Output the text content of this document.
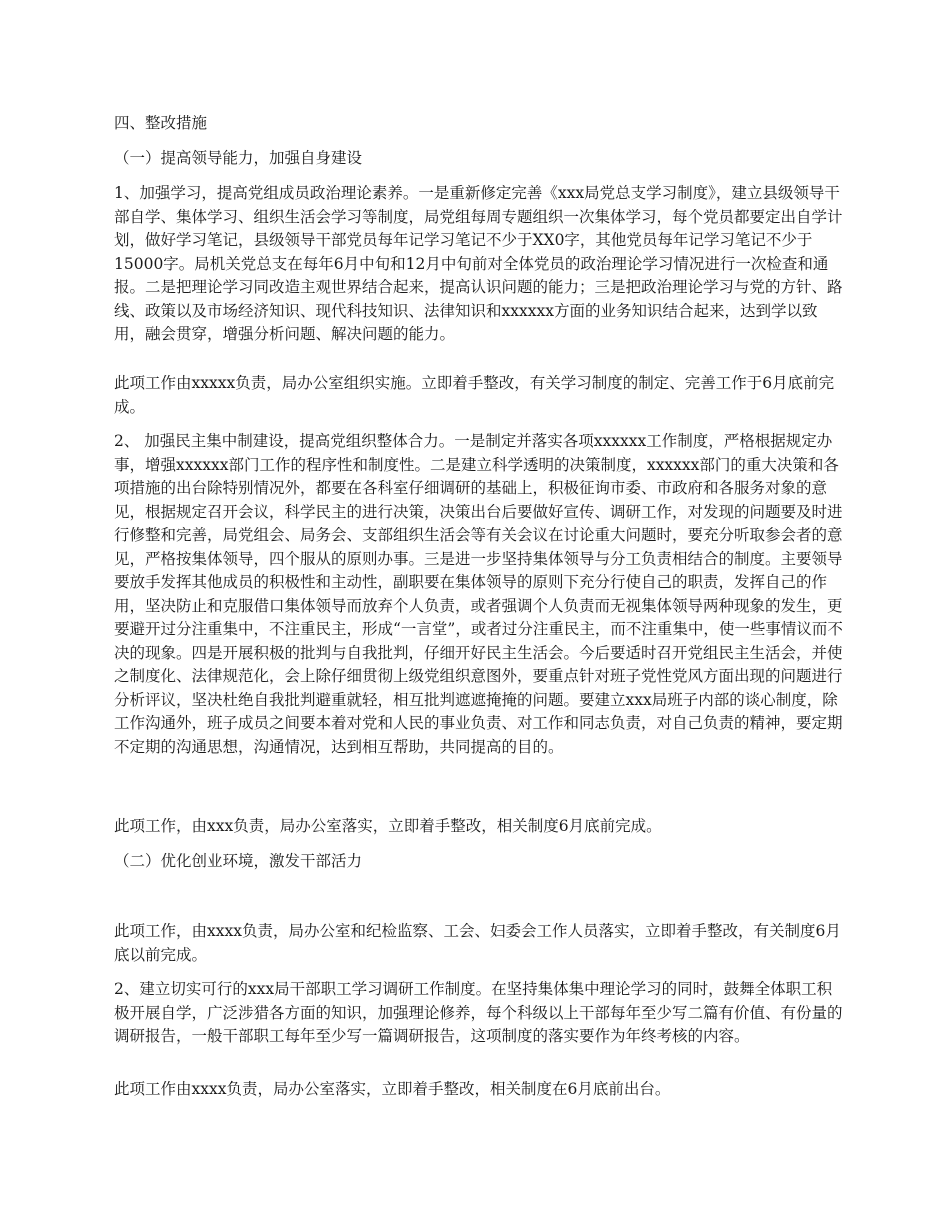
四、整改措施

（一）提高领导能力，加强自身建设

1、加强学习，提高党组成员政治理论素养。一是重新修定完善《xxx局党总支学习制度》，建立县级领导干部自学、集体学习、组织生活会学习等制度，局党组每周专题组织一次集体学习，每个党员都要定出自学计划，做好学习笔记，县级领导干部党员每年记学习笔记不少于XX0字，其他党员每年记学习笔记不少于15000字。局机关党总支在每年6月中旬和12月中旬前对全体党员的政治理论学习情况进行一次检查和通报。二是把理论学习同改造主观世界结合起来，提高认识问题的能力；三是把政治理论学习与党的方针、路线、政策以及市场经济知识、现代科技知识、法律知识和xxxxxx方面的业务知识结合起来，达到学以致用，融会贯穿，增强分析问题、解决问题的能力。

此项工作由xxxxx负责，局办公室组织实施。立即着手整改，有关学习制度的制定、完善工作于6月底前完成。

2、 加强民主集中制建设，提高党组织整体合力。一是制定并落实各项xxxxxx工作制度，严格根据规定办事，增强xxxxxx部门工作的程序性和制度性。二是建立科学透明的决策制度，xxxxxx部门的重大决策和各项措施的出台除特别情况外，都要在各科室仔细调研的基础上，积极征询市委、市政府和各服务对象的意见，根据规定召开会议，科学民主的进行决策，决策出台后要做好宣传、调研工作，对发现的问题要及时进行修整和完善，局党组会、局务会、支部组织生活会等有关会议在讨论重大问题时，要充分听取参会者的意见，严格按集体领导，四个服从的原则办事。三是进一步坚持集体领导与分工负责相结合的制度。主要领导要放手发挥其他成员的积极性和主动性，副职要在集体领导的原则下充分行使自己的职责，发挥自己的作用，坚决防止和克服借口集体领导而放弃个人负责，或者强调个人负责而无视集体领导两种现象的发生，更要避开过分注重集中，不注重民主，形成“一言堂”，或者过分注重民主，而不注重集中，使一些事情议而不决的现象。四是开展积极的批判与自我批判，仔细开好民主生活会。今后要适时召开党组民主生活会，并使之制度化、法律规范化，会上除仔细贯彻上级党组织意图外，要重点针对班子党性党风方面出现的问题进行分析评议，坚决杜绝自我批判避重就轻，相互批判遮遮掩掩的问题。要建立xxx局班子内部的谈心制度，除工作沟通外，班子成员之间要本着对党和人民的事业负责、对工作和同志负责，对自己负责的精神，要定期不定期的沟通思想，沟通情况，达到相互帮助，共同提高的目的。

此项工作，由xxx负责，局办公室落实，立即着手整改，相关制度6月底前完成。

（二）优化创业环境，激发干部活力

此项工作，由xxxx负责，局办公室和纪检监察、工会、妇委会工作人员落实，立即着手整改，有关制度6月底以前完成。

2、建立切实可行的xxx局干部职工学习调研工作制度。在坚持集体集中理论学习的同时，鼓舞全体职工积极开展自学，广泛涉猎各方面的知识，加强理论修养，每个科级以上干部每年至少写二篇有价值、有份量的调研报告，一般干部职工每年至少写一篇调研报告，这项制度的落实要作为年终考核的内容。

此项工作由xxxx负责，局办公室落实，立即着手整改，相关制度在6月底前出台。
